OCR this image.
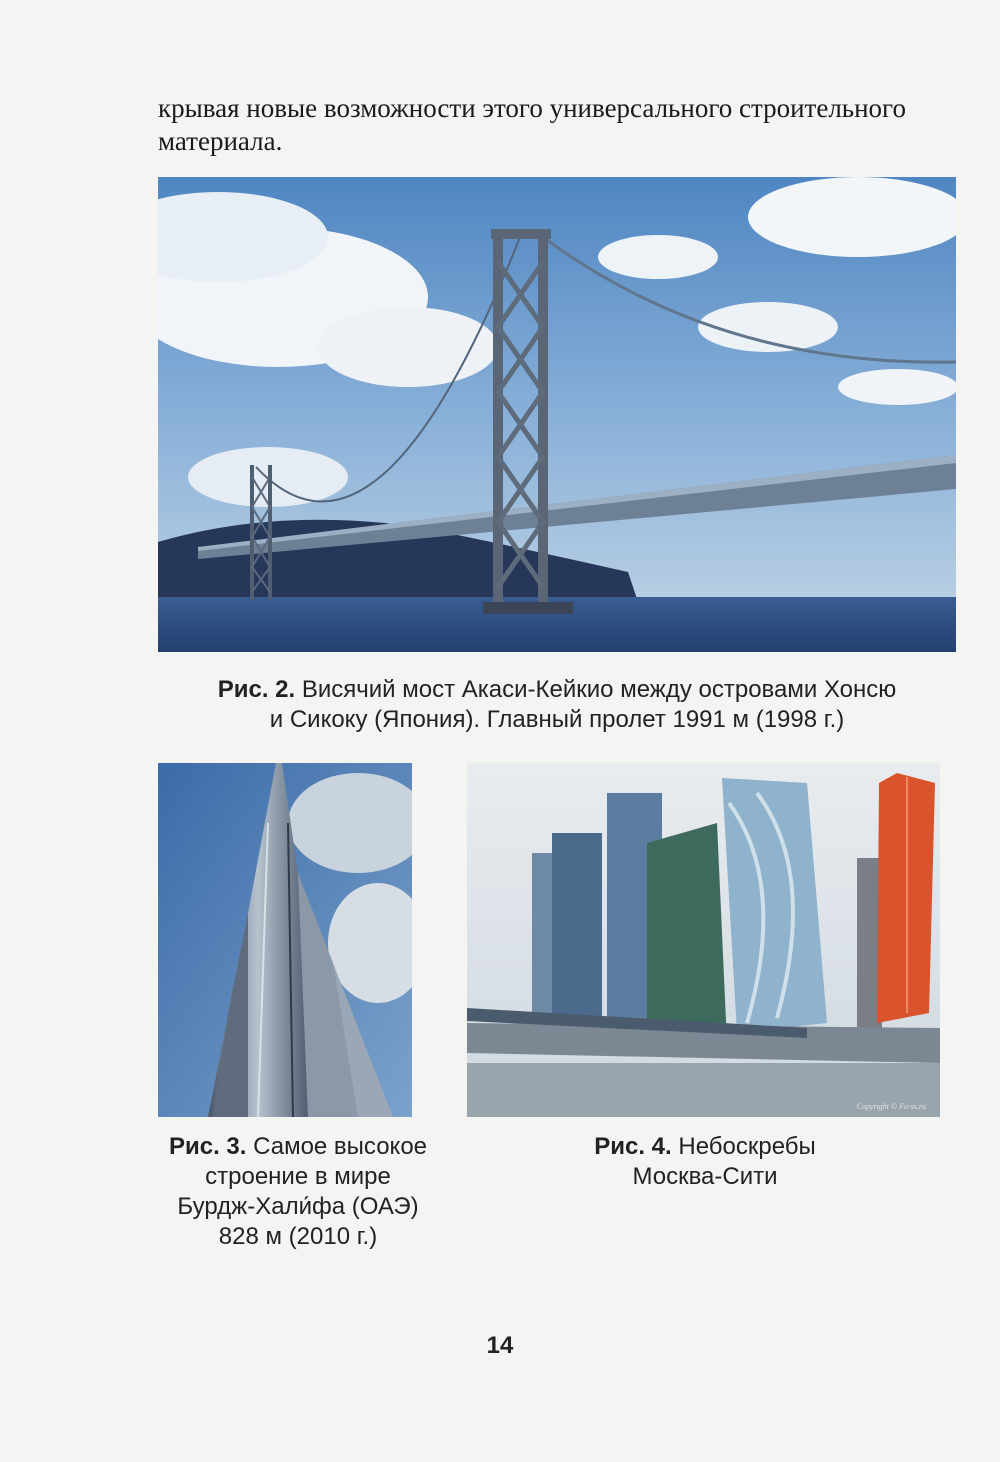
крывая новые возможности этого универсального строительного
материала.
Рис. 2. Висячий мост Акаси-Кейкио между островами Хонсю
и Сикоку (Япония). Главный пролет 1991 м (1998 г.)
Copyright © Fo-ss.ru
Рис. 3. Самое высокое
строение в мире
Бурдж-Хали́фа (ОАЭ)
828 м (2010 г.)
Рис. 4. Небоскребы
Москва-Сити
14
